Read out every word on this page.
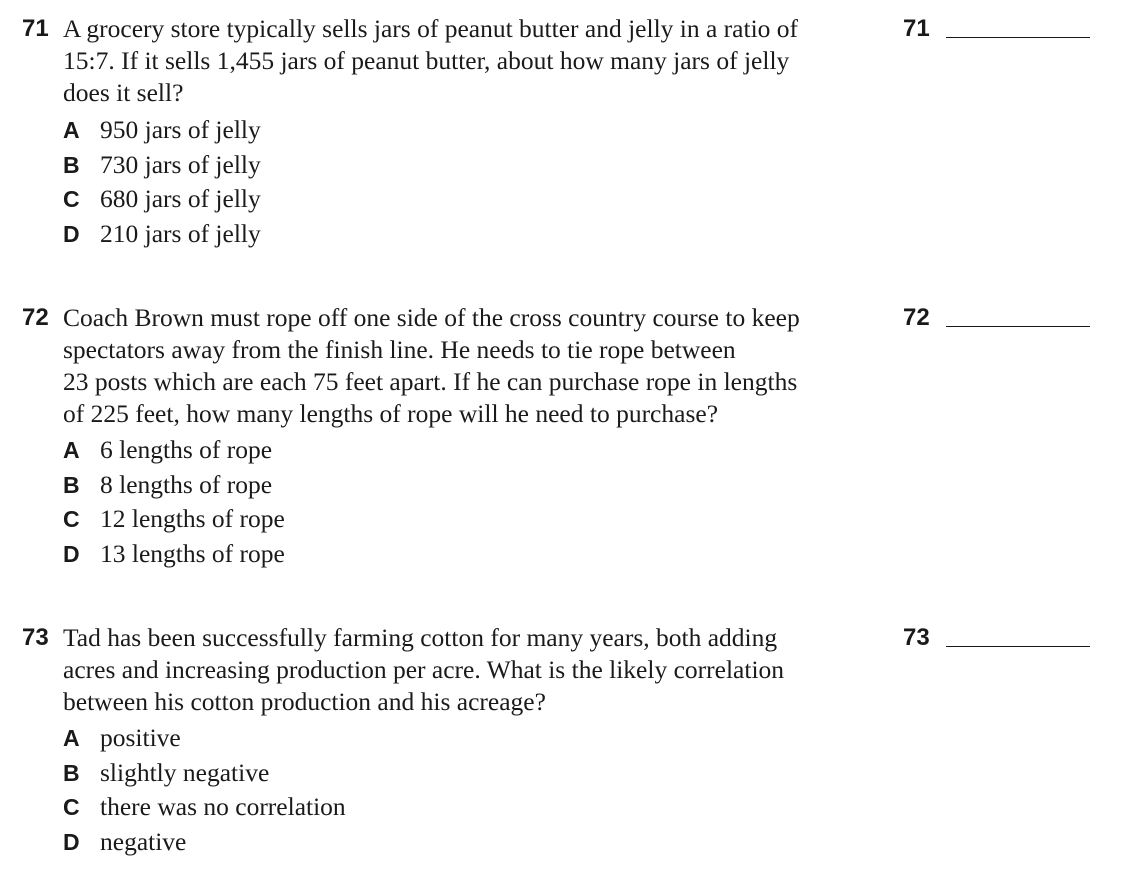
71 A grocery store typically sells jars of peanut butter and jelly in a ratio of
15:7. If it sells 1,455 jars of peanut butter, about how many jars of jelly
does it sell?
A 950 jars of jelly
B 730 jars of jelly
C 680 jars of jelly
D 210 jars of jelly
71
72 Coach Brown must rope off one side of the cross country course to keep
spectators away from the finish line. He needs to tie rope between
23 posts which are each 75 feet apart. If he can purchase rope in lengths
of 225 feet, how many lengths of rope will he need to purchase?
A 6 lengths of rope
B 8 lengths of rope
C 12 lengths of rope
D 13 lengths of rope
72
73 Tad has been successfully farming cotton for many years, both adding
acres and increasing production per acre. What is the likely correlation
between his cotton production and his acreage?
A positive
B slightly negative
C there was no correlation
D negative
73
